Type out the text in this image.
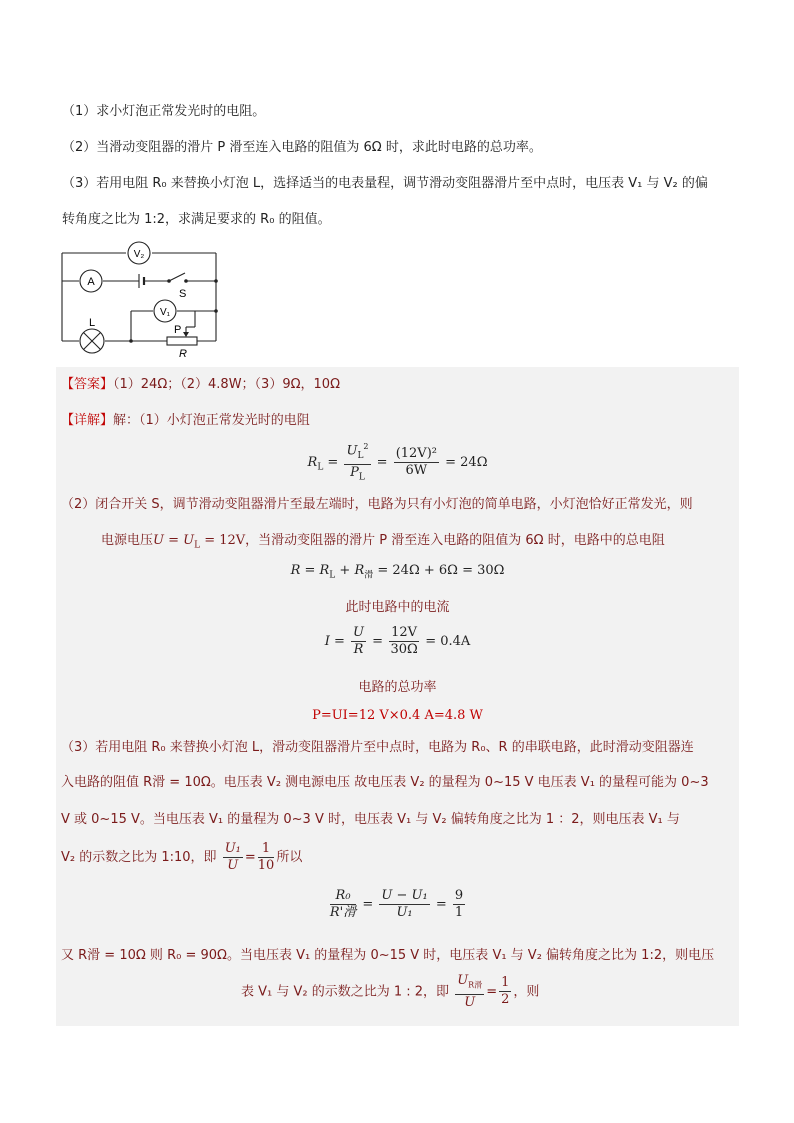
（1）求小灯泡正常发光时的电阻。
（2）当滑动变阻器的滑片 P 滑至连入电路的阻值为 6Ω 时，求此时电路的总功率。
（3）若用电阻 R₀ 来替换小灯泡 L，选择适当的电表量程，调节滑动变阻器滑片至中点时，电压表 V₁ 与 V₂ 的偏
转角度之比为 1:2，求满足要求的 R₀ 的阻值。
V₂
A
V₁
S
L
P
R
【答案】（1）24Ω；（2）4.8W；（3）9Ω，10Ω
【详解】解：（1）小灯泡正常发光时的电阻
$R_L = \frac{U_L^2}{P_L} = \frac{\text{(12V)²}}{6W} = 24\Omega$
（2）闭合开关 S，调节滑动变阻器滑片至最左端时，电路为只有小灯泡的简单电路，小灯泡恰好正常发光，则
电源电压$U = U_L = 12V$，当滑动变阻器的滑片 P 滑至连入电路的阻值为 6Ω 时，电路中的总电阻
$R = R_L + R_滑 = 24\Omega + 6\Omega = 30\Omega$
此时电路中的电流
$I = \frac{U}{R} = \frac{12V}{30\Omega} = 0.4A$
电路的总功率
P=UI=12 V×0.4 A=4.8 W
（3）若用电阻 R₀ 来替换小灯泡 L，滑动变阻器滑片至中点时，电路为 R₀、R 的串联电路，此时滑动变阻器连
入电路的阻值 R滑 = 10Ω。电压表 V₂ 测电源电压 故电压表 V₂ 的量程为 0~15 V 电压表 V₁ 的量程可能为 0~3
V 或 0~15 V。当电压表 V₁ 的量程为 0~3 V 时，电压表 V₁ 与 V₂ 偏转角度之比为 1 ：2，则电压表 V₁ 与
V₂ 的示数之比为 1:10，即 $\frac{\text{U₁}}{U} = \frac{1}{10}$ 所以
$\frac{\text{R₀}}{\text{R'滑}} = \frac{\text{U − U₁}}{\text{U₁}} = \frac{9}{1}$
又 R滑 = 10Ω 则 R₀ = 90Ω。当电压表 V₁ 的量程为 0~15 V 时，电压表 V₁ 与 V₂ 偏转角度之比为 1:2，则电压
表 V₁ 与 V₂ 的示数之比为 1 : 2，即 $\frac{U_{R滑}}{U} = \frac{1}{2}$ ，则
